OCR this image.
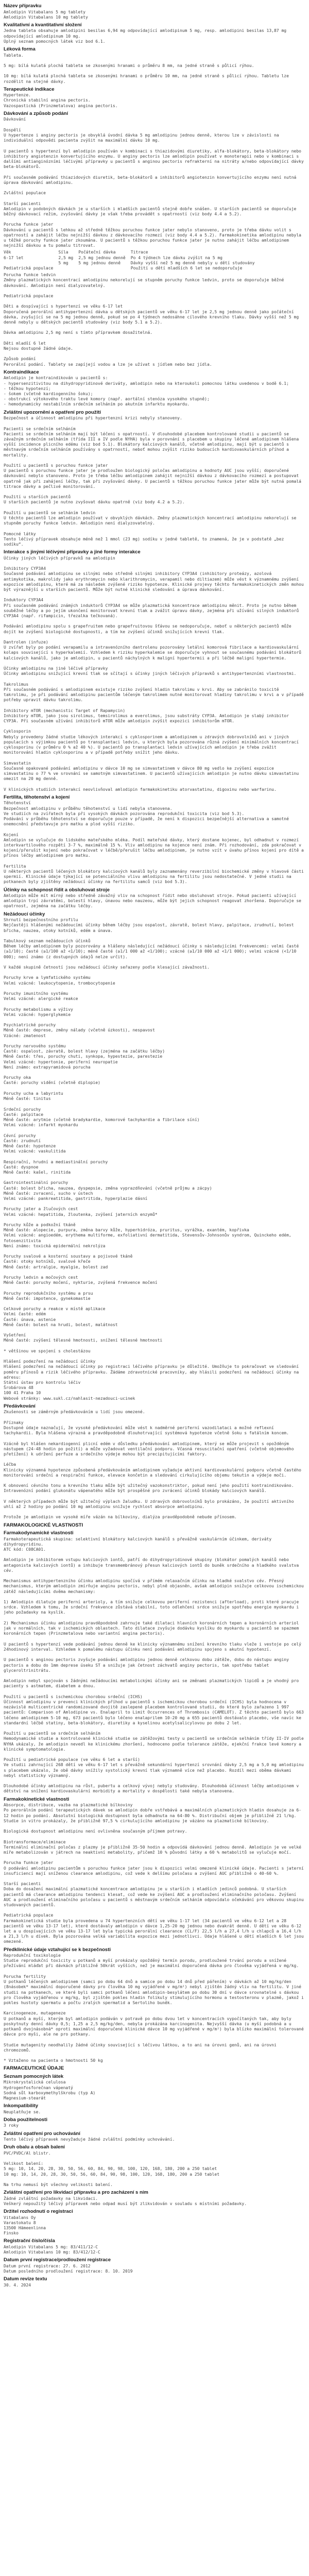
Název přípravku
Amlodipin Vitabalans 5 mg tablety
Amlodipin Vitabalans 10 mg tablety
Kvalitativní a kvantitativní složení
Jedna tableta obsahuje amlodipini besilas 6,94 mg odpovídající amlodipinum 5 mg, resp. amlodipini besilas 13,87 mg odpovídající amlodipinum 10 mg.
Úplný seznam pomocných látek viz bod 6.1.
Léková forma
Tableta.

5 mg: bílá kulatá plochá tableta se zkosenými hranami o průměru 8 mm, na jedné straně s půlicí rýhou.

10 mg: bílá kulatá plochá tableta se zkosenými hranami o průměru 10 mm, na jedné straně s půlicí rýhou. Tabletu lze rozdělit na stejné dávky.
Terapeutické indikace
Hypertenze.
Chronická stabilní angina pectoris.
Vazospastická (Prinzmetalova) angina pectoris.
Dávkování a způsob podání
Dávkování

Dospělí
U hypertenze i anginy pectoris je obvyklá úvodní dávka 5 mg amlodipinu jednou denně, kterou lze v závislosti na individuální odpovědi pacienta zvýšit na maximální dávku 10 mg.

U pacientů s hypertenzí byl amlodipin používán v kombinaci s thiazidovými diuretiky, alfa-blokátory, beta-blokátory nebo inhibitory angiotenzin konvertujícího enzymu. U anginy pectoris lze amlodipin používat v monoterapii nebo v kombinaci s dalšími antianginózními léčivými přípravky u pacientů s anginou pectoris refrakterní na nitráty a/nebo odpovídající dávky beta-blokátorů.

Při současném podávání thiazidových diuretik, beta-blokátorů a inhibitorů angiotenzin konvertujícího enzymu není nutná úprava dávkování amlodipinu.

Zvláštní populace

Starší pacienti
Amlodipin v podobných dávkách je u starších i mladších pacientů stejně dobře snášen. U starších pacientů se doporučuje běžný dávkovací režim, zvyšování dávky je však třeba provádět s opatrností (viz body 4.4 a 5.2).

Porucha funkce jater
Dávkování u pacientů s lehkou až středně těžkou poruchou funkce jater nebylo stanoveno, proto je třeba dávku volit s opatrností a zahájit léčbu nejnižší dávkou z dávkovacího rozmezí (viz body 4.4 a 5.2). Farmakokinetika amlodipinu nebyla u těžké poruchy funkce jater zkoumána. U pacientů s těžkou poruchou funkce jater je nutno zahájit léčbu amlodipinem nejnižší dávkou a tu pomalu titrovat.
Věk	Síla	Počáteční dávka	Titrace
6-17 let	2,5 mg	2,5 mg jednou denně	Po 4 týdnech lze dávku zvýšit na 5 mg
	5 mg	5 mg jednou denně	Dávky vyšší než 5 mg denně nebyly u dětí studovány
Pediatrická populace			Použití u dětí mladších 6 let se nedoporučuje
Porucha funkce ledvin
Změny plazmatických koncentrací amlodipinu nekorelují se stupněm poruchy funkce ledvin, proto se doporučuje běžné dávkování. Amlodipin není dialyzovatelný.

Pediatrická populace

Děti a dospívající s hypertenzí ve věku 6-17 let
Doporučená perorální antihypertenzní dávka u dětských pacientů ve věku 6-17 let je 2,5 mg jednou denně jako počáteční dávka, zvyšující se na 5 mg jednou denně, pokud se po 4 týdnech nedosáhne cílového krevního tlaku. Dávky vyšší než 5 mg denně nebyly u dětských pacientů studovány (viz body 5.1 a 5.2).

Dávka amlodipinu 2,5 mg není s tímto přípravkem dosažitelná.

Děti mladší 6 let
Nejsou dostupné žádné údaje.

Způsob podání
Perorální podání. Tablety se zapíjejí vodou a lze je užívat s jídlem nebo bez jídla.
Kontraindikace
Amlodipin je kontraindikován u pacientů s:
- hypersenzitivitou na dihydropyridinové deriváty, amlodipin nebo na kteroukoli pomocnou látku uvedenou v bodě 6.1;
- těžkou hypotenzí;
- šokem (včetně kardiogenního šoku);
- obstrukcí výtokového traktu levé komory (např. aortální stenóza vysokého stupně);
- hemodynamicky nestabilním srdečním selháním po akutním infarktu myokardu.
Zvláštní upozornění a opatření pro použití
Bezpečnost a účinnost amlodipinu při hypertenzní krizi nebyly stanoveny.

Pacienti se srdečním selháním
Pacienti se srdečním selháním mají být léčeni s opatrností. V dlouhodobé placebem kontrolované studii u pacientů se závažným srdečním selháním (třída III a IV podle NYHA) byla v porovnání s placebem u skupiny léčené amlodipinem hlášena vyšší incidence plicního edému (viz bod 5.1). Blokátory kalciových kanálů, včetně amlodipinu, mají být u pacientů s městnavým srdečním selháním používány s opatrností, neboť mohou zvýšit riziko budoucích kardiovaskulárních příhod a mortality.

Použití u pacientů s poruchou funkce jater
U pacientů s poruchou funkce jater je prodloužen biologický poločas amlodipinu a hodnoty AUC jsou vyšší; doporučené dávkování nebylo stanoveno. Proto je třeba léčbu amlodipinem zahájit nejnižší dávkou z dávkovacího rozmezí a postupovat opatrně jak při zahájení léčby, tak při zvyšování dávky. U pacientů s těžkou poruchou funkce jater může být nutná pomalá titrace dávky a pečlivé monitorování.

Použití u starších pacientů
U starších pacientů je nutno zvyšovat dávku opatrně (viz body 4.2 a 5.2).

Použití u pacientů se selháním ledvin
U těchto pacientů lze amlodipin používat v obvyklých dávkách. Změny plazmatických koncentrací amlodipinu nekorelují se stupněm poruchy funkce ledvin. Amlodipin není dialyzovatelný.

Pomocné látky
Tento léčivý přípravek obsahuje méně než 1 mmol (23 mg) sodíku v jedné tabletě, to znamená, že je v podstatě „bez sodíku“.
Interakce s jinými léčivými přípravky a jiné formy interakce
Účinky jiných léčivých přípravků na amlodipin

Inhibitory CYP3A4
Současné podávání amlodipinu se silnými nebo středně silnými inhibitory CYP3A4 (inhibitory proteázy, azolová antimykotika, makrolidy jako erythromycin nebo klarithromycin, verapamil nebo diltiazem) může vést k významnému zvýšení expozice amlodipinu, které má za následek zvýšené riziko hypotenze. Klinické projevy těchto farmakokinetických změn mohou být výraznější u starších pacientů. Může být nutné klinické sledování a úprava dávkování.

Induktory CYP3A4
Při současném podávání známých induktorů CYP3A4 se může plazmatická koncentrace amlodipinu měnit. Proto je nutno během souběžné léčby a po jejím ukončení monitorovat krevní tlak a zvážit úpravu dávky, zejména při užívání silných induktorů CYP3A4 (např. rifampicin, třezalka tečkovaná).

Podávání amlodipinu spolu s grapefruitem nebo grapefruitovou šťávou se nedoporučuje, neboť u některých pacientů může dojít ke zvýšení biologické dostupnosti, a tím ke zvýšení účinků snižujících krevní tlak.

Dantrolen (infuze)
U zvířat byly po podání verapamilu a intravenózního dantrolenu pozorovány letální komorová fibrilace a kardiovaskulární kolaps související s hyperkalemií. Vzhledem k riziku hyperkalemie se doporučuje vyhnout se současnému podávání blokátorů kalciových kanálů, jako je amlodipin, u pacientů náchylných k maligní hypertermii a při léčbě maligní hypertermie.

Účinky amlodipinu na jiné léčivé přípravky
Účinky amlodipinu snižující krevní tlak se sčítají s účinky jiných léčivých přípravků s antihypertenzními vlastnostmi.

Takrolimus
Při současném podávání s amlodipinem existuje riziko zvýšení hladin takrolimu v krvi. Aby se zabránilo toxicitě takrolimu, je při podávání amlodipinu pacientům léčeným takrolimem nutné monitorovat hladiny takrolimu v krvi a v případě potřeby upravit dávku takrolimu.

Inhibitory mTOR (mechanistic Target of Rapamycin)
Inhibitory mTOR, jako jsou sirolimus, temsirolimus a everolimus, jsou substráty CYP3A. Amlodipin je slabý inhibitor CYP3A. Při současném užívání inhibitorů mTOR může amlodipin zvýšit expozici inhibitorům mTOR.

Cyklosporin
Nebyly provedeny žádné studie lékových interakcí s cyklosporinem a amlodipinem u zdravých dobrovolníků ani v jiných populacích s výjimkou pacientů po transplantaci ledvin, u kterých byla pozorována různá zvýšení minimálních koncentrací cyklosporinu (v průměru 0 % až 40 %). U pacientů po transplantaci ledvin užívajících amlodipin je třeba zvážit monitorování hladin cyklosporinu a v případě potřeby snížit jeho dávku.

Simvastatin
Současné opakované podávání amlodipinu v dávce 10 mg se simvastatinem v dávce 80 mg vedlo ke zvýšení expozice simvastatinu o 77 % ve srovnání se samotným simvastatinem. U pacientů užívajících amlodipin je nutno dávku simvastatinu omezit na 20 mg denně.

V klinických studiích interakcí neovlivňoval amlodipin farmakokinetiku atorvastatinu, digoxinu nebo warfarinu.
Fertilita, těhotenství a kojení
Těhotenství
Bezpečnost amlodipinu v průběhu těhotenství u lidí nebyla stanovena.
Ve studiích na zvířatech byla při vysokých dávkách pozorována reprodukční toxicita (viz bod 5.3).
Podávání v průběhu těhotenství se doporučuje pouze v případě, že není k dispozici bezpečnější alternativa a samotné onemocnění představuje pro matku a plod vyšší riziko.

Kojení
Amlodipin se vylučuje do lidského mateřského mléka. Podíl mateřské dávky, který dostane kojenec, byl odhadnut v rozmezí interkvartilového rozpětí 3-7 %, maximálně 15 %. Vliv amlodipinu na kojence není znám. Při rozhodování, zda pokračovat v kojení/přerušit kojení nebo pokračovat v léčbě/přerušit léčbu amlodipinem, je nutno vzít v úvahu přínos kojení pro dítě a přínos léčby amlodipinem pro matku.

Fertilita
U některých pacientů léčených blokátory kalciových kanálů byly zaznamenány reverzibilní biochemické změny v hlavové části spermií. Klinické údaje týkající se potenciálního vlivu amlodipinu na fertilitu jsou nedostatečné. V jedné studii na potkanech byly zjištěny nežádoucí účinky na fertilitu samců (viz bod 5.3).
Účinky na schopnost řídit a obsluhovat stroje
Amlodipin může mít mírný nebo středně závažný vliv na schopnost řídit nebo obsluhovat stroje. Pokud pacienti užívající amlodipin trpí závratěmi, bolestí hlavy, únavou nebo nauzeou, může být jejich schopnost reagovat zhoršena. Doporučuje se opatrnost, zejména na začátku léčby.
Nežádoucí účinky
Shrnutí bezpečnostního profilu
Nejčastěji hlášenými nežádoucími účinky během léčby jsou ospalost, závratě, bolest hlavy, palpitace, zrudnutí, bolest břicha, nauzea, otoky kotníků, edém a únava.

Tabulkový seznam nežádoucích účinků
Během léčby amlodipinem byly pozorovány a hlášeny následující nežádoucí účinky s následujícími frekvencemi: velmi časté (≥1/10); časté (≥1/100 až <1/10); méně časté (≥1/1 000 až <1/100); vzácné (≥1/10 000 až <1/1 000); velmi vzácné (<1/10 000); není známo (z dostupných údajů nelze určit).

V každé skupině četností jsou nežádoucí účinky seřazeny podle klesající závažnosti.

Poruchy krve a lymfatického systému
Velmi vzácné: leukocytopenie, trombocytopenie

Poruchy imunitního systému
Velmi vzácné: alergické reakce

Poruchy metabolismu a výživy
Velmi vzácné: hyperglykemie

Psychiatrické poruchy
Méně časté: deprese, změny nálady (včetně úzkosti), nespavost
Vzácné: zmatenost

Poruchy nervového systému
Časté: ospalost, závratě, bolest hlavy (zejména na začátku léčby)
Méně časté: třes, poruchy chuti, synkopa, hypestezie, parestezie
Velmi vzácné: hypertonie, periferní neuropatie
Není známo: extrapyramidová porucha

Poruchy oka
Časté: poruchy vidění (včetně diplopie)

Poruchy ucha a labyrintu
Méně časté: tinitus

Srdeční poruchy
Časté: palpitace
Méně časté: arytmie (včetně bradykardie, komorové tachykardie a fibrilace síní)
Velmi vzácné: infarkt myokardu

Cévní poruchy
Časté: zrudnutí
Méně časté: hypotenze
Velmi vzácné: vaskulitida

Respirační, hrudní a mediastinální poruchy
Časté: dyspnoe
Méně časté: kašel, rinitida

Gastrointestinální poruchy
Časté: bolest břicha, nauzea, dyspepsie, změna vyprazdňování (včetně průjmu a zácpy)
Méně časté: zvracení, sucho v ústech
Velmi vzácné: pankreatitida, gastritida, hyperplazie dásní

Poruchy jater a žlučových cest
Velmi vzácné: hepatitida, žloutenka, zvýšení jaterních enzymů*

Poruchy kůže a podkožní tkáně
Méně časté: alopecie, purpura, změna barvy kůže, hyperhidróza, pruritus, vyrážka, exantém, kopřivka
Velmi vzácné: angioedém, erythema multiforme, exfoliativní dermatitida, Stevensův-Johnsonův syndrom, Quinckeho edém, fotosenzitivita
Není známo: toxická epidermální nekrolýza

Poruchy svalové a kosterní soustavy a pojivové tkáně
Časté: otoky kotníků, svalové křeče
Méně časté: artralgie, myalgie, bolest zad

Poruchy ledvin a močových cest
Méně časté: poruchy močení, nykturie, zvýšená frekvence močení

Poruchy reprodukčního systému a prsu
Méně časté: impotence, gynekomastie

Celkové poruchy a reakce v místě aplikace
Velmi časté: edém
Časté: únava, astenie
Méně časté: bolest na hrudi, bolest, malátnost

Vyšetření
Méně časté: zvýšení tělesné hmotnosti, snížení tělesné hmotnosti

* většinou ve spojení s cholestázou

Hlášení podezření na nežádoucí účinky
Hlášení podezření na nežádoucí účinky po registraci léčivého přípravku je důležité. Umožňuje to pokračovat ve sledování poměru přínosů a rizik léčivého přípravku. Žádáme zdravotnické pracovníky, aby hlásili podezření na nežádoucí účinky na adresu:
Státní ústav pro kontrolu léčiv
Šrobárova 48
100 41 Praha 10
Webové stránky: www.sukl.cz/nahlasit-nezadouci-ucinek
Předávkování
Zkušenosti se záměrným předávkováním u lidí jsou omezené.

Příznaky
Dostupné údaje naznačují, že vysoké předávkování může vést k nadměrné periferní vazodilataci a možné reflexní tachykardii. Byla hlášena výrazná a pravděpodobně dlouhotrvající systémová hypotenze včetně šoku s fatálním koncem.

Vzácně byl hlášen nekardiogenní plicní edém v důsledku předávkování amlodipinem, který se může projevit s opožděným nástupem (24-48 hodin po požití) a může vyžadovat ventilační podporu. Včasná resuscitační opatření (včetně objemového přetížení) k udržení perfuze a srdečního výdeje mohou být precipitujícími faktory.

Léčba
Klinicky významná hypotenze způsobená předávkováním amlodipinem vyžaduje aktivní kardiovaskulární podporu včetně častého monitorování srdeční a respirační funkce, elevace končetin a sledování cirkulujícího objemu tekutin a výdeje moči.

K obnovení cévního tonu a krevního tlaku může být užitečný vazokonstriktor, pokud není jeho použití kontraindikováno. Intravenózní podání glukonátu vápenatého může být prospěšné pro zvrácení účinků blokády kalciových kanálů.

V některých případech může být užitečný výplach žaludku. U zdravých dobrovolníků bylo prokázáno, že použití aktivního uhlí až 2 hodiny po podání 10 mg amlodipinu snižuje rychlost absorpce amlodipinu.

Protože je amlodipin ve vysoké míře vázán na bílkoviny, dialýza pravděpodobně nebude přínosem.
FARMAKOLOGICKÉ VLASTNOSTI
Farmakodynamické vlastnosti
Farmakoterapeutická skupina: selektivní blokátory kalciových kanálů s převážně vaskulárním účinkem, deriváty dihydropyridinu.
ATC kód: C08CA01.

Amlodipin je inhibitorem vstupu kalciových iontů, patří do dihydropyridinové skupiny (blokátor pomalých kanálů nebo antagonista kalciových iontů) a inhibuje transmembránový přesun kalciových iontů do buněk srdečního a hladkého svalstva cév.

Mechanismus antihypertenzního účinku amlodipinu spočívá v přímém relaxačním účinku na hladké svalstvo cév. Přesný mechanismus, kterým amlodipin zmírňuje anginu pectoris, nebyl plně objasněn, avšak amlodipin snižuje celkovou ischemickou zátěž následujícími dvěma mechanismy:

1) Amlodipin dilatuje periferní arterioly, a tím snižuje celkovou periferní rezistenci (afterload), proti které pracuje srdce. Vzhledem k tomu, že srdeční frekvence zůstává stabilní, toto odlehčení srdce snižuje spotřebu energie myokardu i jeho požadavky na kyslík.

2) Mechanismus účinku amlodipinu pravděpodobně zahrnuje také dilataci hlavních koronárních tepen a koronárních arteriol jak v normálních, tak v ischemických oblastech. Tato dilatace zvyšuje dodávku kyslíku do myokardu u pacientů se spazmem koronárních tepen (Prinzmetalova nebo variantní angina pectoris).

U pacientů s hypertenzí vede podávání jednou denně ke klinicky významnému snížení krevního tlaku vleže i vestoje po celý 24hodinový interval. Vzhledem k pomalému nástupu účinku není podávání amlodipinu spojeno s akutní hypotenzí.

U pacientů s anginou pectoris zvyšuje podávání amlodipinu jednou denně celkovou dobu zátěže, dobu do nástupu anginy pectoris a dobu do 1mm deprese úseku ST a snižuje jak četnost záchvatů anginy pectoris, tak spotřebu tablet glyceroltrinitrátu.

Amlodipin nebyl spojován s žádnými nežádoucími metabolickými účinky ani se změnami plazmatických lipidů a je vhodný pro pacienty s astmatem, diabetem a dnou.

Použití u pacientů s ischemickou chorobou srdeční (ICHS)
Účinnost amlodipinu v prevenci klinických příhod u pacientů s ischemickou chorobou srdeční (ICHS) byla hodnocena v nezávislé multicentrické randomizované dvojitě zaslepené placebem kontrolované studii, do které bylo zařazeno 1 997 pacientů: Comparison of Amlodipine vs. Enalapril to Limit Occurrences of Thrombosis (CAMELOT). Z těchto pacientů bylo 663 léčeno amlodipinem 5-10 mg, 673 pacientů bylo léčeno enalaprilem 10-20 mg a 655 pacientů dostávalo placebo, vše navíc ke standardní léčbě statiny, beta-blokátory, diuretiky a kyselinou acetylsalicylovou po dobu 2 let.

Použití u pacientů se srdečním selháním
Hemodynamické studie a kontrolované klinické studie se zátěžovými testy u pacientů se srdečním selháním třídy II-IV podle NYHA ukázaly, že amlodipin nevedl ke klinickému zhoršení, hodnoceno podle tolerance zátěže, ejekční frakce levé komory a klinické symptomatologie.

Použití u pediatrické populace (ve věku 6 let a starší)
Ve studii zahrnující 268 dětí ve věku 6-17 let s převážně sekundární hypertenzí srovnání dávky 2,5 mg a 5,0 mg amlodipinu s placebem ukázalo, že obě dávky snížily systolický krevní tlak významně více než placebo. Rozdíl mezi oběma dávkami nebyl statisticky významný.

Dlouhodobé účinky amlodipinu na růst, pubertu a celkový vývoj nebyly studovány. Dlouhodobá účinnost léčby amlodipinem v dětství na snížení kardiovaskulární morbidity a mortality v dospělosti také nebyla stanovena.
Farmakokinetické vlastnosti
Absorpce, distribuce, vazba na plazmatické bílkoviny
Po perorálním podání terapeutických dávek se amlodipin dobře vstřebává a maximálních plazmatických hladin dosahuje za 6-12 hodin po podání. Absolutní biologická dostupnost byla odhadnuta na 64-80 %. Distribuční objem je přibližně 21 l/kg. Studie in vitro prokázaly, že přibližně 97,5 % cirkulujícího amlodipinu je vázáno na plazmatické bílkoviny.

Biologická dostupnost amlodipinu není ovlivněna současným příjmem potravy.

Biotransformace/eliminace
Terminální eliminační poločas z plazmy je přibližně 35-50 hodin a odpovídá dávkování jednou denně. Amlodipin je ve velké míře metabolizován v játrech na neaktivní metabolity, přičemž 10 % původní látky a 60 % metabolitů se vylučuje močí.

Porucha funkce jater
O podávání amlodipinu pacientům s poruchou funkce jater jsou k dispozici velmi omezené klinické údaje. Pacienti s jaterní insuficiencí mají sníženou clearance amlodipinu, což vede k delšímu poločasu a zvýšení AUC přibližně o 40-60 %.

Starší pacienti
Doba do dosažení maximální plazmatické koncentrace amlodipinu je u starších i mladších jedinců podobná. U starších pacientů má clearance amlodipinu tendenci klesat, což vede ke zvýšení AUC a prodloužení eliminačního poločasu. Zvýšení AUC a prodloužení eliminačního poločasu u pacientů s městnavým srdečním selháním odpovídalo očekávání pro věkovou skupinu studovaných pacientů.

Pediatrická populace
Farmakokinetická studie byla provedena u 74 hypertenzních dětí ve věku 1-17 let (34 pacientů ve věku 6-12 let a 28 pacientů ve věku 13-17 let), které dostávaly amlodipin v dávce 1,25-20 mg jednou nebo dvakrát denně. U dětí ve věku 6-12 let a u dospívajících ve věku 13-17 let byla typická perorální clearance (CL/F) 22,5 l/h a 27,4 l/h u chlapců a 16,4 l/h a 21,3 l/h u dívek. Byla pozorována velká variabilita expozice mezi jednotlivci. Údaje hlášené u dětí mladších 6 let jsou omezené.
Předklinické údaje vztahující se k bezpečnosti
Reprodukční toxikologie
Studie reprodukční toxicity u potkanů a myší prokázaly opožděný termín porodu, prodloužené trvání porodu a snížené přežívání mláďat při dávkách přibližně 50krát vyšších, než je maximální doporučená dávka pro člověka vyjádřená v mg/kg.

Porucha fertility
U potkanů léčených amlodipinem (samci po dobu 64 dnů a samice po dobu 14 dnů před pářením) v dávkách až 10 mg/kg/den (8násobek* maximální doporučené dávky pro člověka 10 mg vyjádřené v mg/m²) nebyl zjištěn žádný vliv na fertilitu. V jiné studii na potkanech, ve které byli samci potkanů léčeni amlodipin-besylátem po dobu 30 dní v dávce srovnatelné s dávkou pro člověka vyjádřenou v mg/kg, byl zjištěn pokles hladin folikuly stimulujícího hormonu a testosteronu v plazmě, jakož i pokles hustoty spermatu a počtu zralých spermatid a Sertoliho buněk.

Karcinogeneze, mutageneze
U potkanů a myší, kterým byl amlodipin podáván v potravě po dobu dvou let v koncentracích vypočítaných tak, aby byly poskytnuty denní dávky 0,5; 1,25 a 2,5 mg/kg/den, nebyla prokázána karcinogenita. Nejvyšší dávka (u myší podobná a u potkanů dvojnásobná* oproti maximální doporučené klinické dávce 10 mg vyjádřené v mg/m²) byla blízko maximální tolerované dávce pro myši, ale ne pro potkany.

Studie mutagenity neodhalily žádné účinky související s léčivou látkou, a to ani na úrovni genů, ani na úrovni chromozomů.

* Vztaženo na pacienta o hmotnosti 50 kg
FARMACEUTICKÉ ÚDAJE
Seznam pomocných látek
Mikrokrystalická celulosa
Hydrogenfosforečnan vápenatý
Sodná sůl karboxymethylškrobu (typ A)
Magnesium-stearát
Inkompatibility
Neuplatňuje se.
Doba použitelnosti
3 roky
Zvláštní opatření pro uchovávání
Tento léčivý přípravek nevyžaduje žádné zvláštní podmínky uchovávání.
Druh obalu a obsah balení
PVC/PVDC/Al blistr.

Velikost balení:
5 mg: 10, 14, 20, 28, 30, 50, 56, 60, 84, 90, 98, 100, 120, 168, 180, 200 a 250 tablet
10 mg: 10, 14, 20, 28, 30, 50, 56, 60, 84, 90, 98, 100, 120, 168, 180, 200 a 250 tablet

Na trhu nemusí být všechny velikosti balení.
Zvláštní opatření pro likvidaci přípravku a pro zacházení s ním
Žádné zvláštní požadavky na likvidaci.
Veškerý nepoužitý léčivý přípravek nebo odpad musí být zlikvidován v souladu s místními požadavky.
Držitel rozhodnutí o registraci
Vitabalans Oy
Varastokatu 8
13500 Hämeenlinna
Finsko
Registrační číslo/čísla
Amlodipin Vitabalans 5 mg: 83/411/12-C
Amlodipin Vitabalans 10 mg: 83/412/12-C
Datum první registrace/prodloužení registrace
Datum první registrace: 27. 6. 2012
Datum posledního prodloužení registrace: 8. 10. 2019
Datum revize textu
30. 4. 2024
